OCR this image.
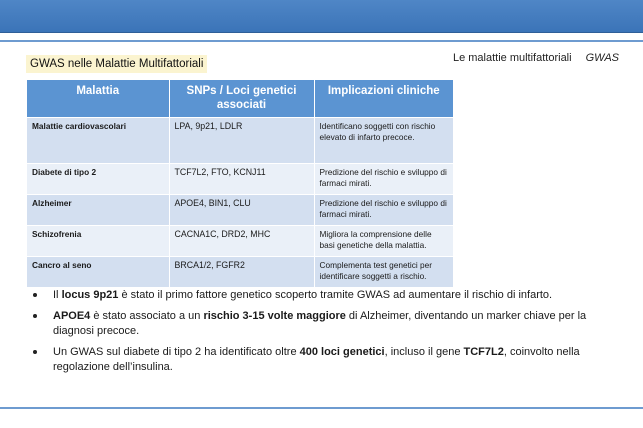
GWAS nelle Malattie Multifattoriali	Le malattie multifattoriali GWAS
Malattia	SNPs / Loci genetici associati	Implicazioni cliniche
Malattie cardiovascolari	LPA, 9p21, LDLR	Identificano soggetti con rischio elevato di infarto precoce.
Diabete di tipo 2	TCF7L2, FTO, KCNJ11	Predizione del rischio e sviluppo di farmaci mirati.
Alzheimer	APOE4, BIN1, CLU	Predizione del rischio e sviluppo di farmaci mirati.
Schizofrenia	CACNA1C, DRD2, MHC	Migliora la comprensione delle basi genetiche della malattia.
Cancro al seno	BRCA1/2, FGFR2	Complementa test genetici per identificare soggetti a rischio.
Il locus 9p21 è stato il primo fattore genetico scoperto tramite GWAS ad aumentare il rischio di infarto.
APOE4 è stato associato a un rischio 3-15 volte maggiore di Alzheimer, diventando un marker chiave per la diagnosi precoce.
Un GWAS sul diabete di tipo 2 ha identificato oltre 400 loci genetici, incluso il gene TCF7L2, coinvolto nella regolazione dell’insulina.
